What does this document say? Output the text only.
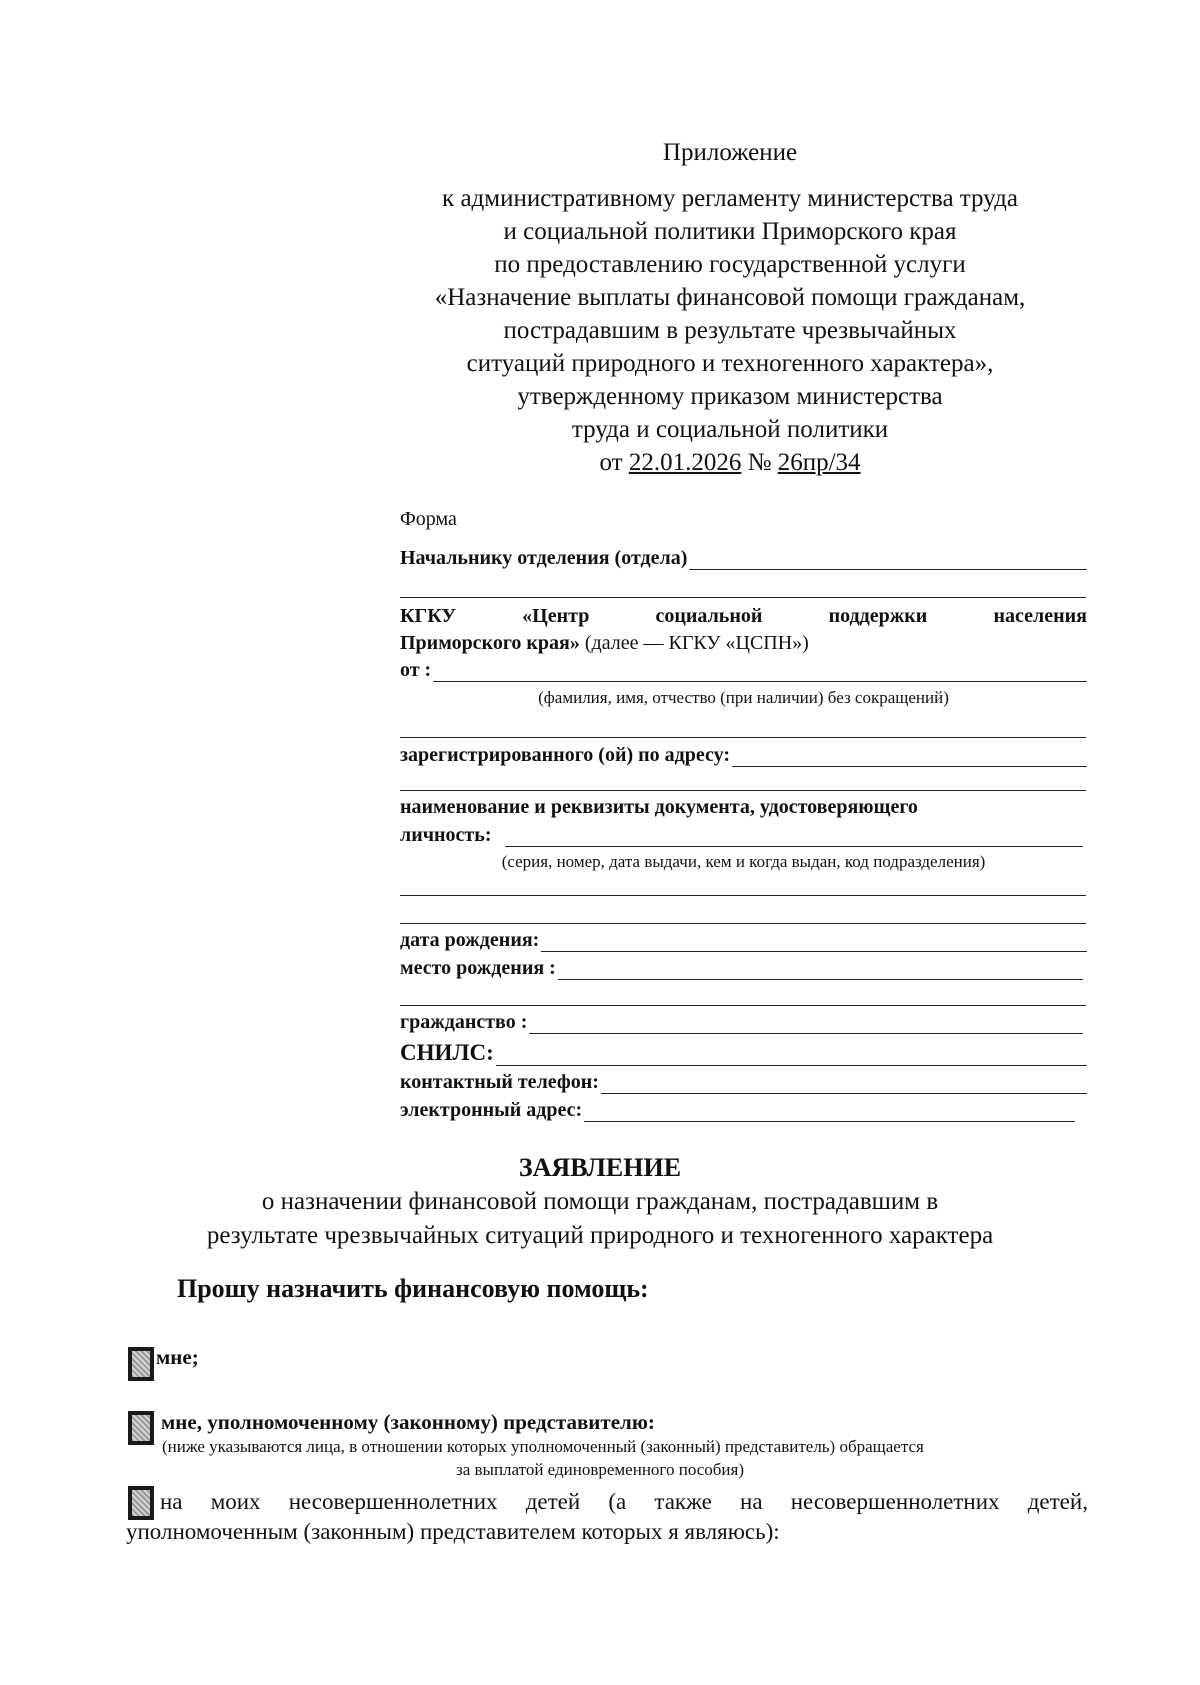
Приложение
к административному регламенту министерства труда
и социальной политики Приморского края
по предоставлению государственной услуги
«Назначение выплаты финансовой помощи гражданам,
пострадавшим в результате чрезвычайных
ситуаций природного и техногенного характера»,
утвержденному приказом министерства
труда и социальной политики
от 22.01.2026 № 26пр/34
Форма
Начальнику отделения (отдела)
КГКУ	«Центр	социальной	поддержки	населения
Приморского края» (далее — КГКУ «ЦСПН»)
от :
(фамилия, имя, отчество (при наличии) без сокращений)
зарегистрированного (ой) по адресу:
наименование и реквизиты документа, удостоверяющего
личность:
(серия, номер, дата выдачи, кем и когда выдан, код подразделения)
дата рождения:
место рождения :
гражданство :
СНИЛС:
контактный телефон:
электронный адрес:
ЗАЯВЛЕНИЕ
о назначении финансовой помощи гражданам, пострадавшим в
результате чрезвычайных ситуаций природного и техногенного характера
Прошу назначить финансовую помощь:
мне;
мне, уполномоченному (законному) представителю:
(ниже указываются лица, в отношении которых уполномоченный (законный) представитель) обращается
за выплатой единовременного пособия)
на моих несовершеннолетних детей (а также на несовершеннолетних детей,
уполномоченным (законным) представителем которых я являюсь):
